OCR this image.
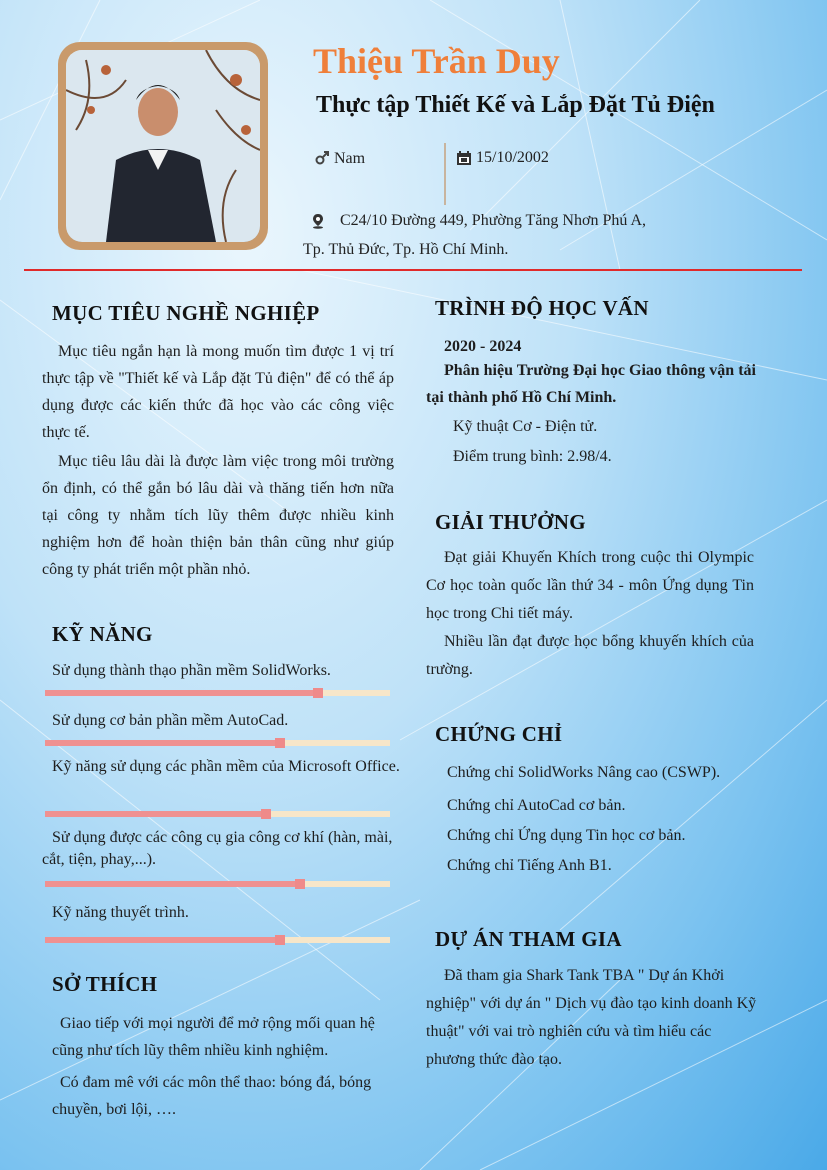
Thiệu Trần Duy
Thực tập Thiết Kế và Lắp Đặt Tủ Điện
Nam	15/10/2002
C24/10 Đường 449, Phường Tăng Nhơn Phú A,
Tp. Thủ Đức, Tp. Hồ Chí Minh.
MỤC TIÊU NGHỀ NGHIỆP
Mục tiêu ngắn hạn là mong muốn tìm được 1 vị trí thực tập về "Thiết kế và Lắp đặt Tủ điện" để có thể áp dụng được các kiến thức đã học vào các công việc thực tế.
Mục tiêu lâu dài là được làm việc trong môi trường ổn định, có thể gắn bó lâu dài và thăng tiến hơn nữa tại công ty nhằm tích lũy thêm được nhiều kinh nghiệm hơn để hoàn thiện bản thân cũng như giúp công ty phát triển một phần nhỏ.
KỸ NĂNG
Sử dụng thành thạo phần mềm SolidWorks.
Sử dụng cơ bản phần mềm AutoCad.
Kỹ năng sử dụng các phần mềm của Microsoft Office.
Sử dụng được các công cụ gia công cơ khí (hàn, mài, cắt, tiện, phay,...).
Kỹ năng thuyết trình.
SỞ THÍCH
Giao tiếp với mọi người để mở rộng mối quan hệ cũng như tích lũy thêm nhiều kinh nghiệm.
Có đam mê với các môn thể thao: bóng đá, bóng chuyền, bơi lội, ….
TRÌNH ĐỘ HỌC VẤN
2020 - 2024
Phân hiệu Trường Đại học Giao thông vận tải tại thành phố Hồ Chí Minh.
Kỹ thuật Cơ - Điện tử.
Điểm trung bình: 2.98/4.
GIẢI THƯỞNG
Đạt giải Khuyến Khích trong cuộc thi Olympic Cơ học toàn quốc lần thứ 34 - môn Ứng dụng Tin học trong Chi tiết máy.
Nhiều lần đạt được học bổng khuyến khích của trường.
CHỨNG CHỈ
Chứng chỉ SolidWorks Nâng cao (CSWP).
Chứng chỉ AutoCad cơ bản.
Chứng chỉ Ứng dụng Tin học cơ bản.
Chứng chỉ Tiếng Anh B1.
DỰ ÁN THAM GIA
Đã tham gia Shark Tank TBA " Dự án Khởi nghiệp" với dự án " Dịch vụ đào tạo kinh doanh Kỹ thuật" với vai trò nghiên cứu và tìm hiểu các phương thức đào tạo.
